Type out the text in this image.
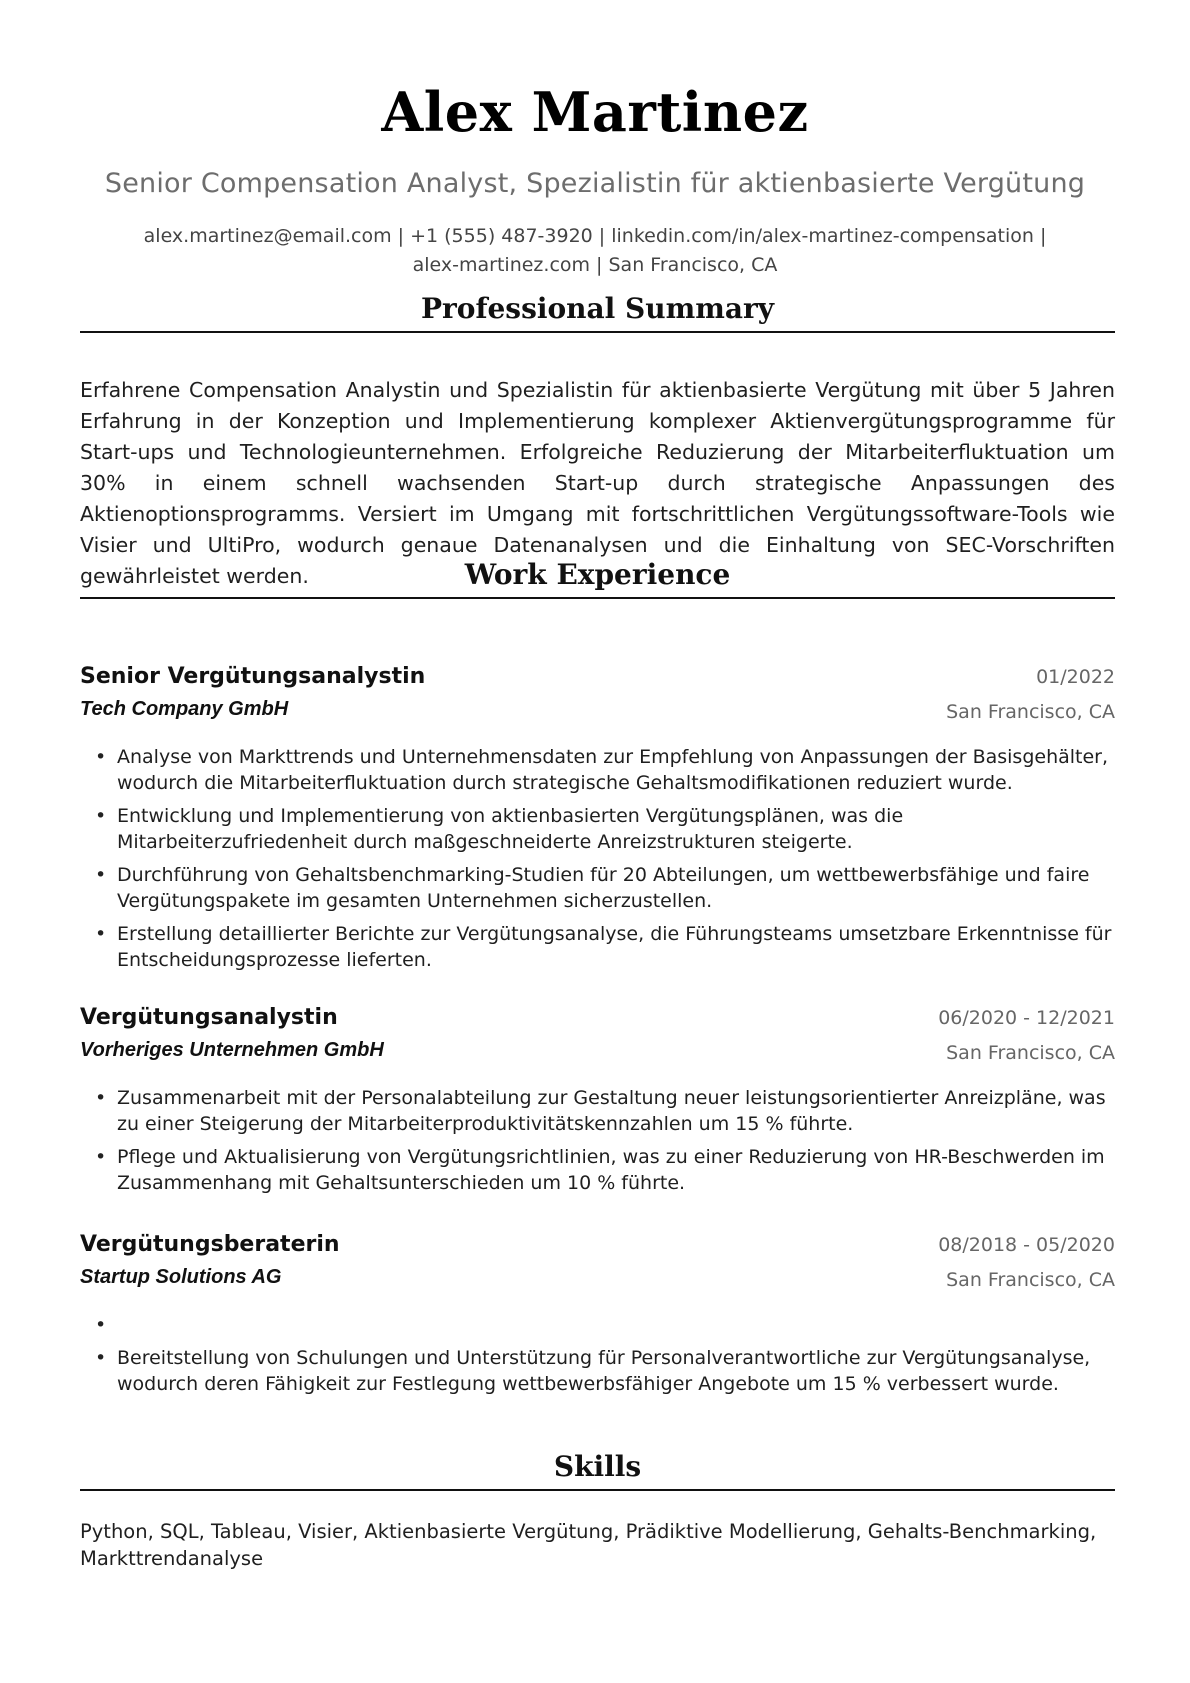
Alex Martinez
Senior Compensation Analyst, Spezialistin für aktienbasierte Vergütung
alex.martinez@email.com | +1 (555) 487-3920 | linkedin.com/in/alex-martinez-compensation |
alex-martinez.com | San Francisco, CA
Professional Summary

Erfahrene Compensation Analystin und Spezialistin für aktienbasierte Vergütung mit über 5 Jahren Erfahrung in der Konzeption und Implementierung komplexer Aktienvergütungsprogramme für Start-ups und Technologieunternehmen. Erfolgreiche Reduzierung der Mitarbeiterfluktuation um 30% in einem schnell wachsenden Start-up durch strategische Anpassungen des Aktienoptionsprogramms. Versiert im Umgang mit fortschrittlichen Vergütungssoftware-Tools wie Visier und UltiPro, wodurch genaue Datenanalysen und die Einhaltung von SEC-Vorschriften gewährleistet werden.	Work Experience
Senior Vergütungsanalystin	01/2022
Tech Company GmbH	San Francisco, CA
• Analyse von Markttrends und Unternehmensdaten zur Empfehlung von Anpassungen der Basisgehälter, wodurch die Mitarbeiterfluktuation durch strategische Gehaltsmodifikationen reduziert wurde.
• Entwicklung und Implementierung von aktienbasierten Vergütungsplänen, was die Mitarbeiterzufriedenheit durch maßgeschneiderte Anreizstrukturen steigerte.
• Durchführung von Gehaltsbenchmarking-Studien für 20 Abteilungen, um wettbewerbsfähige und faire Vergütungspakete im gesamten Unternehmen sicherzustellen.
• Erstellung detaillierter Berichte zur Vergütungsanalyse, die Führungsteams umsetzbare Erkenntnisse für Entscheidungsprozesse lieferten.
Vergütungsanalystin	06/2020 - 12/2021
Vorheriges Unternehmen GmbH	San Francisco, CA
• Zusammenarbeit mit der Personalabteilung zur Gestaltung neuer leistungsorientierter Anreizpläne, was zu einer Steigerung der Mitarbeiterproduktivitätskennzahlen um 15 % führte.
• Pflege und Aktualisierung von Vergütungsrichtlinien, was zu einer Reduzierung von HR-Beschwerden im Zusammenhang mit Gehaltsunterschieden um 10 % führte.
Vergütungsberaterin	08/2018 - 05/2020
Startup Solutions AG	San Francisco, CA
•
• Bereitstellung von Schulungen und Unterstützung für Personalverantwortliche zur Vergütungsanalyse, wodurch deren Fähigkeit zur Festlegung wettbewerbsfähiger Angebote um 15 % verbessert wurde.
Skills

Python, SQL, Tableau, Visier, Aktienbasierte Vergütung, Prädiktive Modellierung, Gehalts-Benchmarking, Markttrendanalyse
